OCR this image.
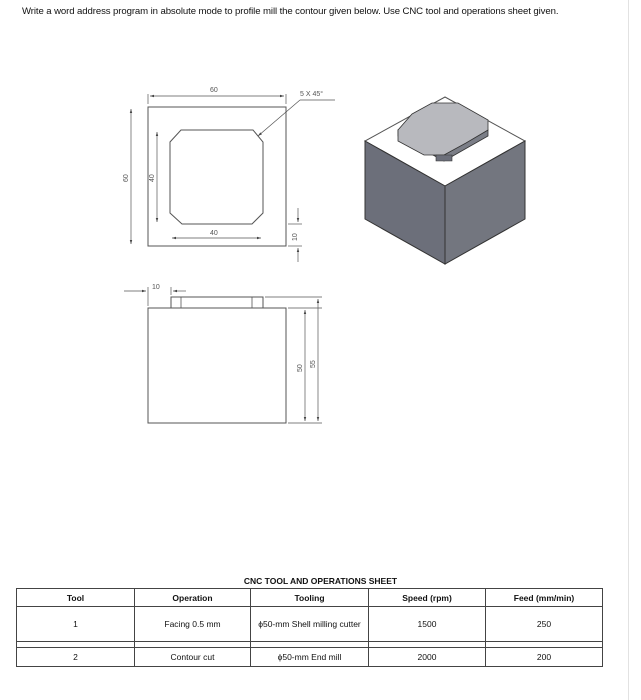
Write a word address program in absolute mode to profile mill the contour given below. Use CNC tool and operations sheet given.
60
5 X 45°
60	40
40	10
10
50
55
CNC TOOL AND OPERATIONS SHEET
Tool	Operation	Tooling	Speed (rpm)	Feed (mm/min)
1	Facing 0.5 mm	ϕ50-mm Shell milling cutter	1500	250

2	Contour cut	ϕ50-mm End mill	2000	200
